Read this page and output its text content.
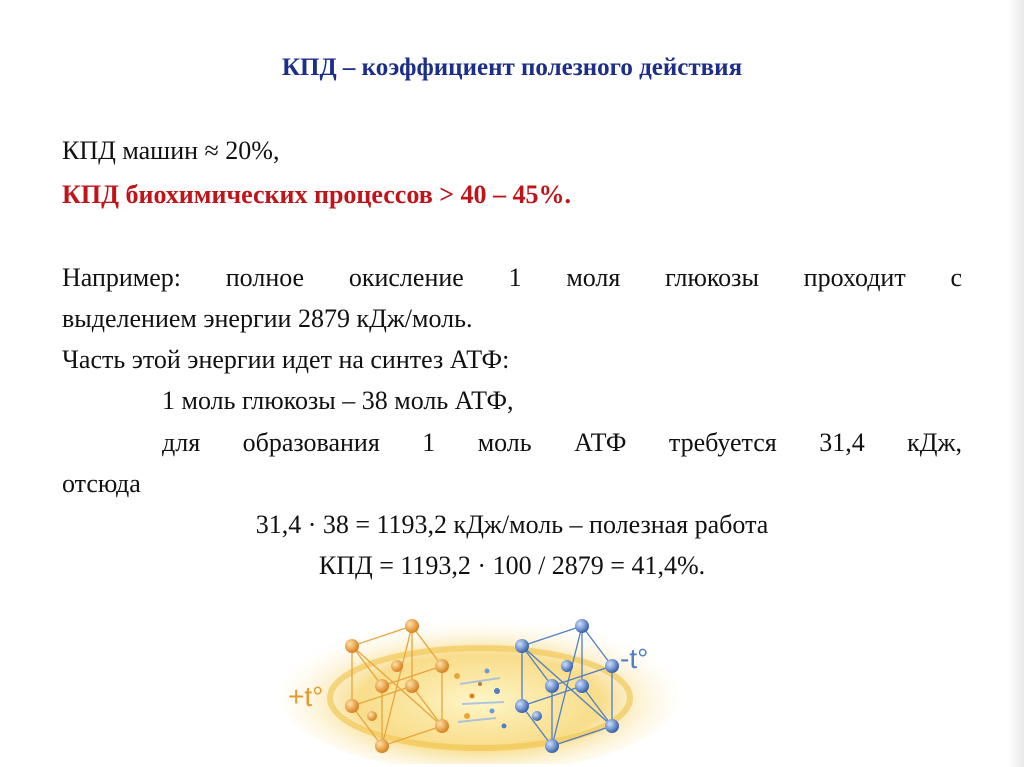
КПД – коэффициент полезного действия
КПД машин ≈ 20%,
КПД биохимических процессов > 40 – 45%.
Например: полное окисление 1 моля глюкозы проходит с
выделением энергии 2879 кДж/моль.
Часть этой энергии идет на синтез АТФ:
1 моль глюкозы – 38 моль АТФ,
для образования 1 моль АТФ требуется 31,4 кДж,
отсюда
31,4 · 38 = 1193,2 кДж/моль – полезная работа
КПД = 1193,2 · 100 / 2879 = 41,4%.
+t°
-t°
